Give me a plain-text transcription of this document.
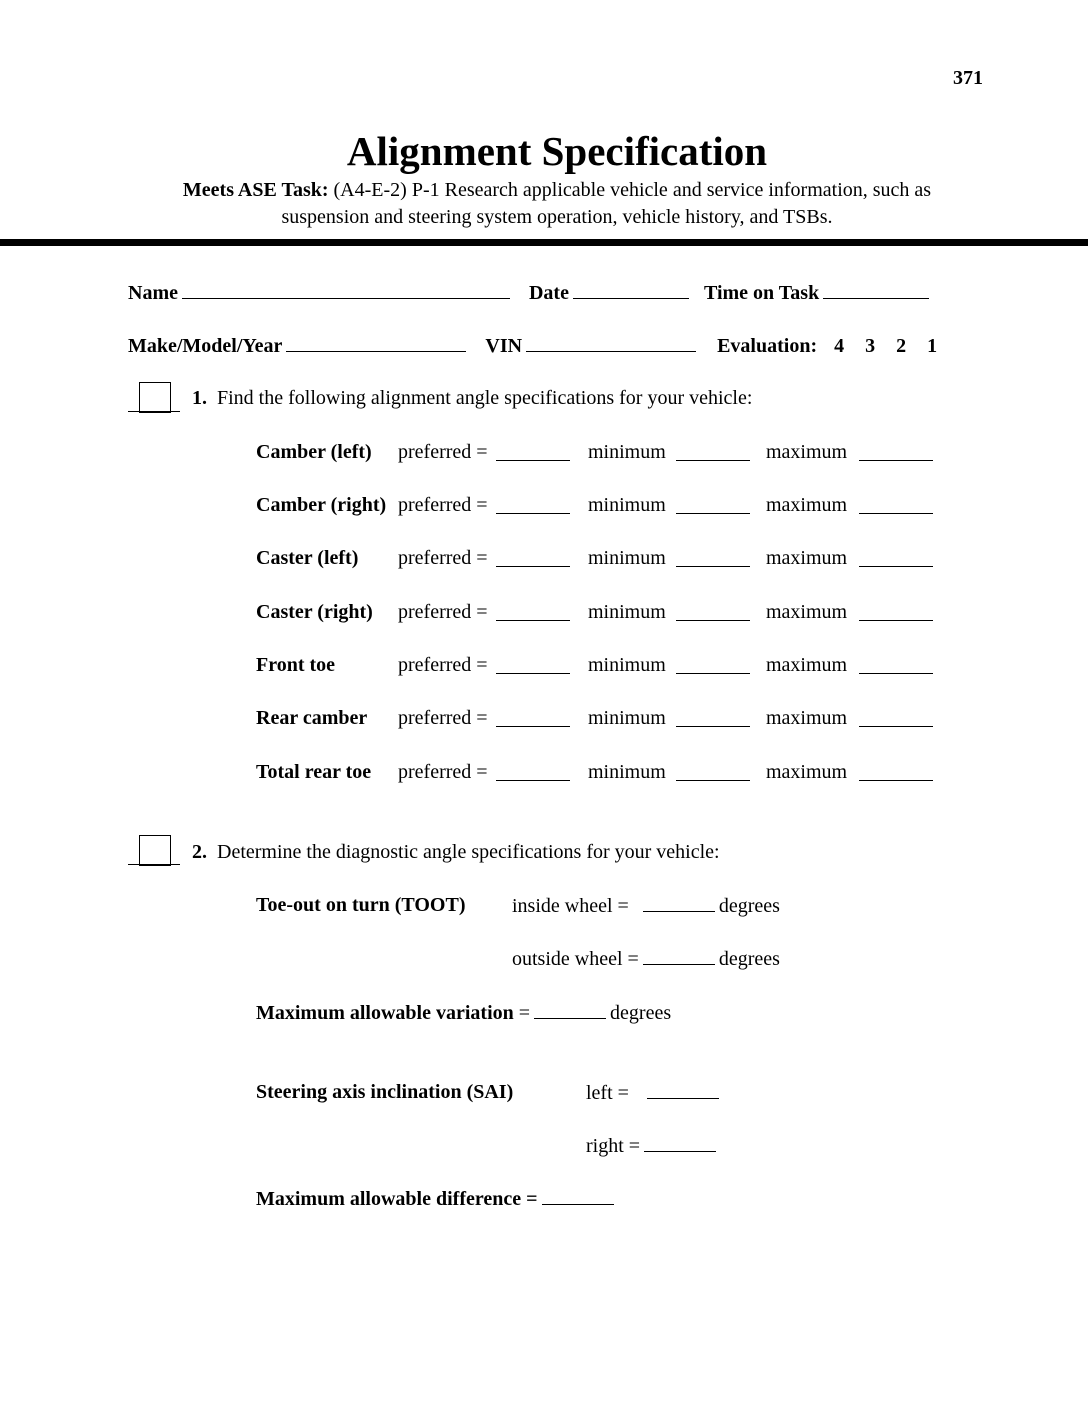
371
Alignment Specification
Meets ASE Task: (A4-E-2) P-1 Research applicable vehicle and service information, such as
suspension and steering system operation, vehicle history, and TSBs.
Name	Date	Time on Task
Make/Model/Year	VIN	Evaluation: 4 3 2 1
1. Find the following alignment angle specifications for your vehicle:
Camber (left) preferred =	minimum	maximum
Camber (right) preferred =	minimum	maximum
Caster (left) preferred =	minimum	maximum
Caster (right) preferred =	minimum	maximum
Front toe	preferred =	minimum	maximum
Rear camber preferred =	minimum	maximum
Total rear toe preferred =	minimum	maximum
2. Determine the diagnostic angle specifications for your vehicle:
Toe-out on turn (TOOT) inside wheel =	degrees
outside wheel =	degrees
Maximum allowable variation =	degrees
Steering axis inclination (SAI)	left =
right =
Maximum allowable difference =
